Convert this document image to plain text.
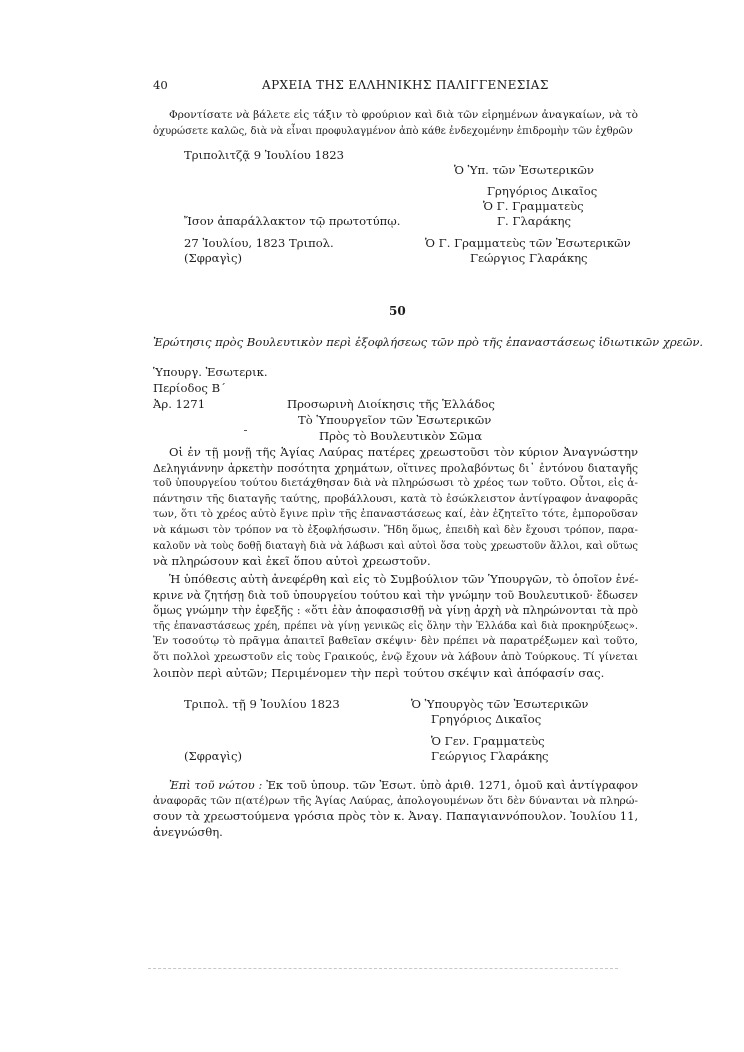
40	ΑΡΧΕΙΑ ΤΗΣ ΕΛΛΗΝΙΚΗΣ ΠΑΛΙΓΓΕΝΕΣΙΑΣ
Φροντίσατε νὰ βάλετε εἰς τάξιν τὸ φρούριον καὶ διὰ τῶν εἰρημένων ἀναγκαίων, νὰ τὸ
ὀχυρώσετε καλῶς, διὰ νὰ εἶναι προφυλαγμένον ἀπὸ κάθε ἐνδεχομένην ἐπιδρομὴν τῶν ἐχθρῶν
Τριπολιτζᾷ 9 Ἰουλίου 1823
Ὁ Ὑπ. τῶν Ἐσωτερικῶν
Γρηγόριος Δικαῖος
Ὁ Γ. Γραμματεὺς
Γ. Γλαράκης
Ἴσον ἀπαράλλακτον τῷ πρωτοτύπῳ.
27 Ἰουλίου, 1823 Τριπολ.	Ὁ Γ. Γραμματεὺς τῶν Ἐσωτερικῶν
(Σφραγὶς)	Γεώργιος Γλαράκης
50
Ἐρώτησις πρὸς Βουλευτικὸν περὶ ἐξοφλήσεως τῶν πρὸ τῆς ἐπαναστάσεως ἰδιωτικῶν χρεῶν.
Ὑπουργ. Ἐσωτερικ.
Περίοδος Β΄
Ἀρ. 1271	Προσωρινὴ Διοίκησις τῆς Ἑλλάδος
Τὸ Ὑπουργεῖον τῶν Ἐσωτερικῶν
Πρὸς τὸ Βουλευτικὸν Σῶμα
Οἱ ἐν τῇ μονῇ τῆς Ἁγίας Λαύρας πατέρες χρεωστοῦσι τὸν κύριον Ἀναγνώστην
Δεληγιάννην ἀρκετὴν ποσότητα χρημάτων, οἵτινες προλαβόντως δι᾽ ἐντόνου διαταγῆς
τοῦ ὑπουργείου τούτου διετάχθησαν διὰ νὰ πληρώσωσι τὸ χρέος των τοῦτο. Οὗτοι, εἰς ἀ-
πάντησιν τῆς διαταγῆς ταύτης, προβάλλουσι, κατὰ τὸ ἐσώκλειστον ἀντίγραφον ἀναφορᾶς
των, ὅτι τὸ χρέος αὐτὸ ἔγινε πρὶν τῆς ἐπαναστάσεως καί, ἐὰν ἐζητεῖτο τότε, ἐμποροῦσαν
νὰ κάμωσι τὸν τρόπον να τὸ ἐξοφλήσωσιν. Ἤδη ὅμως, ἐπειδὴ καὶ δὲν ἔχουσι τρόπον, παρα-
καλοῦν νὰ τοὺς δοθῇ διαταγὴ διὰ νὰ λάβωσι καὶ αὐτοὶ ὅσα τοὺς χρεωστοῦν ἄλλοι, καὶ οὕτως
νὰ πληρώσουν καὶ ἐκεῖ ὅπου αὐτοὶ χρεωστοῦν.
Ἡ ὑπόθεσις αὐτὴ ἀνεφέρθη καὶ εἰς τὸ Συμβούλιον τῶν Ὑπουργῶν, τὸ ὁποῖον ἐνέ-
κρινε νὰ ζητήσῃ διὰ τοῦ ὑπουργείου τούτου καὶ τὴν γνώμην τοῦ Βουλευτικοῦ· ἔδωσεν
ὅμως γνώμην τὴν ἐφεξῆς : «ὅτι ἐὰν ἀποφασισθῇ νὰ γίνῃ ἀρχὴ νὰ πληρώνονται τὰ πρὸ
τῆς ἐπαναστάσεως χρέη, πρέπει νὰ γίνῃ γενικῶς εἰς ὅλην τὴν Ἑλλάδα καὶ διὰ προκηρύξεως».
Ἐν τοσούτῳ τὸ πρᾶγμα ἀπαιτεῖ βαθεῖαν σκέψιν· δὲν πρέπει νὰ παρατρέξωμεν καὶ τοῦτο,
ὅτι πολλοὶ χρεωστοῦν εἰς τοὺς Γραικούς, ἐνῷ ἔχουν νὰ λάβουν ἀπὸ Τούρκους. Τί γίνεται
λοιπὸν περὶ αὐτῶν; Περιμένομεν τὴν περὶ τούτου σκέψιν καὶ ἀπόφασίν σας.
Τριπολ. τῇ 9 Ἰουλίου 1823	Ὁ Ὑπουργὸς τῶν Ἐσωτερικῶν
Γρηγόριος Δικαῖος
Ὁ Γεν. Γραμματεὺς
(Σφραγὶς)	Γεώργιος Γλαράκης
Ἐπὶ τοῦ νώτου : Ἐκ τοῦ ὑπουρ. τῶν Ἐσωτ. ὑπὸ ἀριθ. 1271, ὁμοῦ καὶ ἀντίγραφον
ἀναφορᾶς τῶν π(ατέ)ρων τῆς Ἁγίας Λαύρας, ἀπολογουμένων ὅτι δὲν δύνανται νὰ πληρώ-
σουν τὰ χρεωστούμενα γρόσια πρὸς τὸν κ. Ἀναγ. Παπαγιαννόπουλον. Ἰουλίου 11,
ἀνεγνώσθη.
